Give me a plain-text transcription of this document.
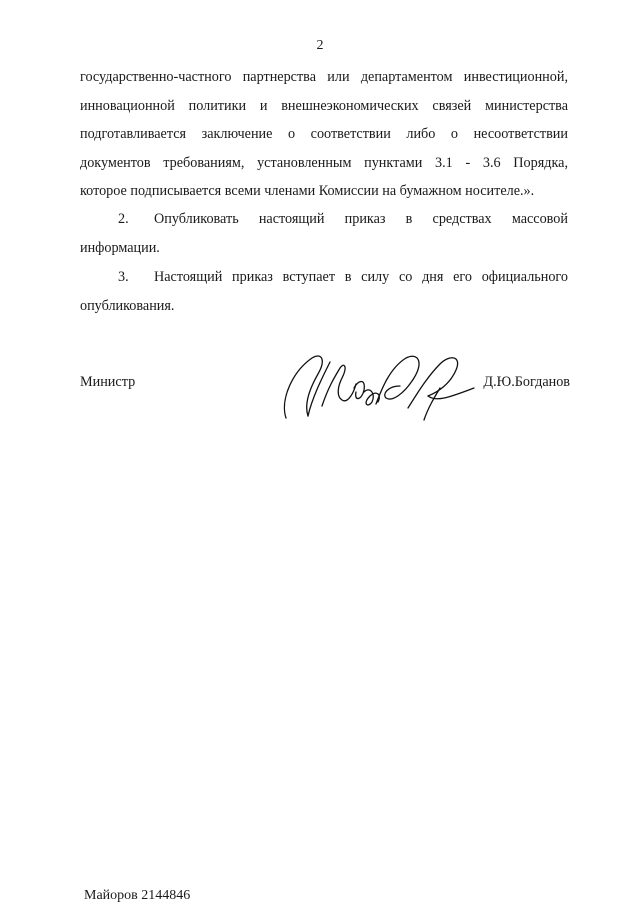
2
государственно-частного партнерства или департаментом инвестиционной,
инновационной политики и внешнеэкономических связей министерства
подготавливается заключение о соответствии либо о несоответствии
документов требованиям, установленным пунктами 3.1 - 3.6 Порядка,
которое подписывается всеми членами Комиссии на бумажном носителе.».
2.	Опубликовать настоящий приказ в средствах массовой
информации.
3.	Настоящий приказ вступает в силу со дня его официального
опубликования.
Министр	Д.Ю.Богданов
Майоров 2144846
